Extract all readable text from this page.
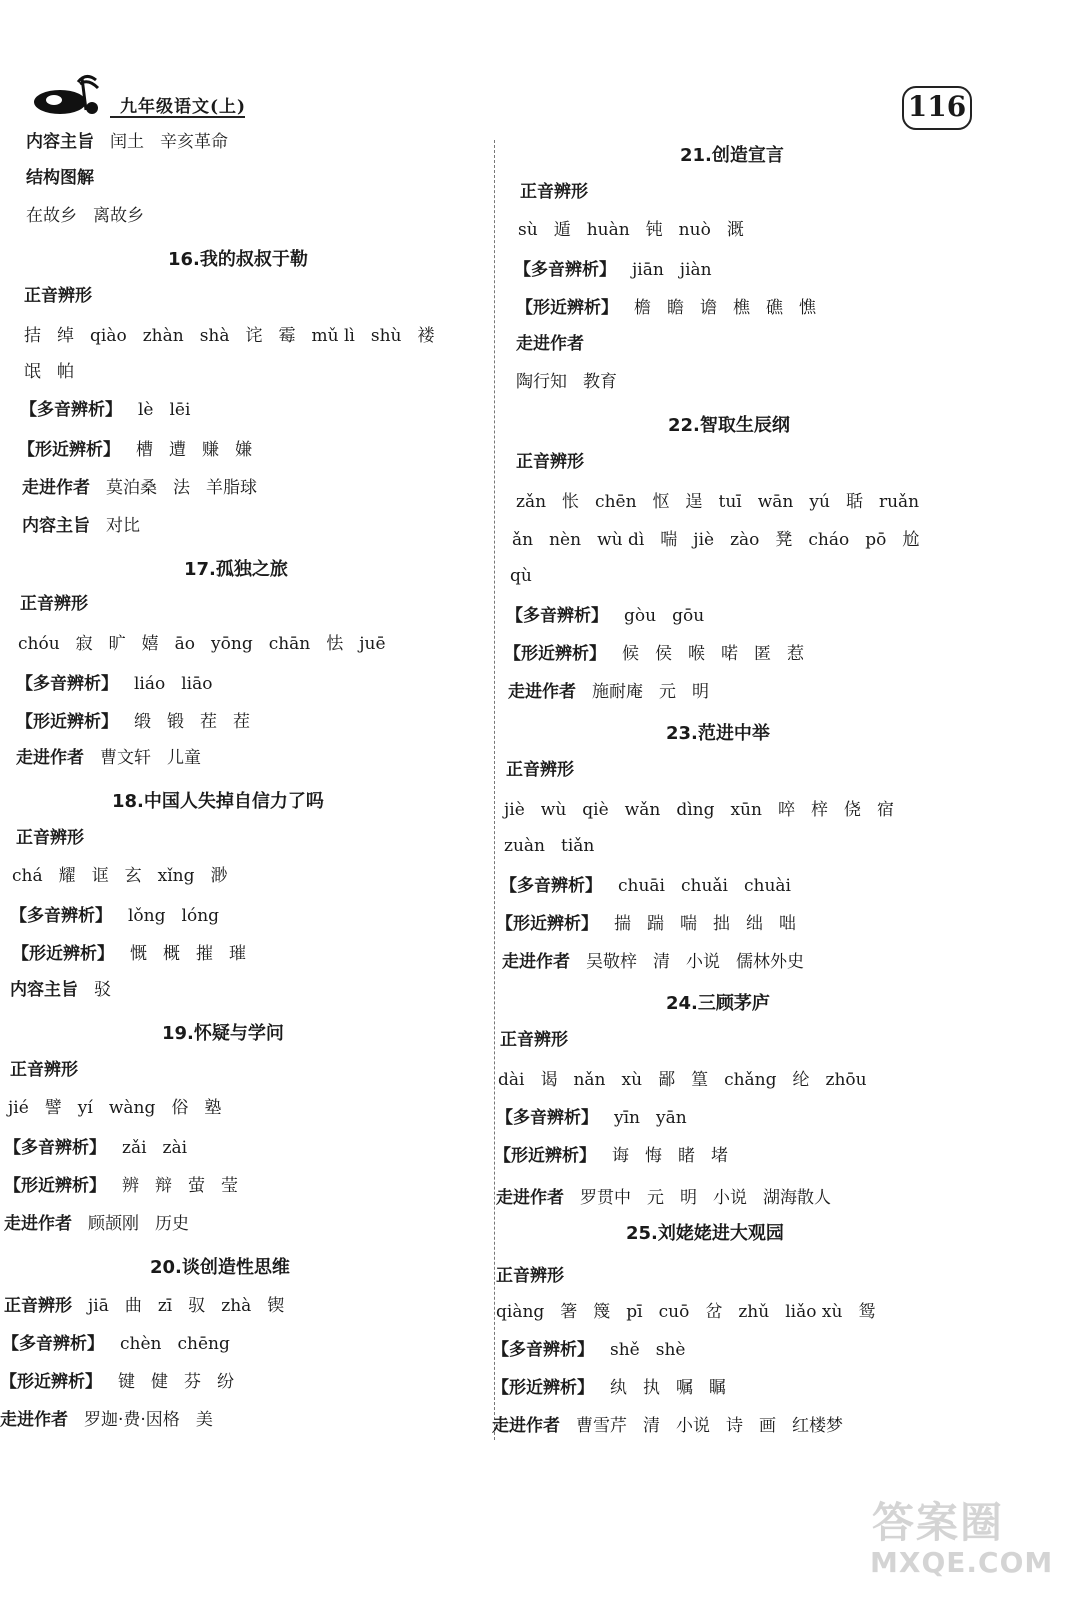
九年级语文(上)	116
内容主旨 闰土 辛亥革命
结构图解
在故乡 离故乡
16.我的叔叔于勒
正音辨形
拮 绰 qiào zhàn shà 诧 霉 mǔ lì shù 褛
氓 帕
【 多音辨析 】 lè lēi
【 形近辨析 】 槽 遭 赚 嫌
走进作者 莫泊桑 法 羊脂球
内容主旨 对比
17.孤独之旅
正音辨形
chóu 寂 旷 嬉 āo yōng chān 怯 juē
【 多音辨析 】 liáo liāo
【 形近辨析 】 缎 锻 茬 茬
走进作者 曹文轩 儿童
18.中国人失掉自信力了吗
正音辨形
chá 耀 诓 玄 xǐng 渺
【 多音辨析 】 lǒng lóng
【 形近辨析 】 慨 概 摧 璀
内容主旨 驳
19.怀疑与学问
正音辨形
jié 譬 yí wàng 俗 塾
【 多音辨析 】 zǎi zài
【 形近辨析 】 辨 辩 萤 莹
走进作者 顾颉刚 历史
20.谈创造性思维
正音辨形 jiā 曲 zī 驭 zhà 锲
【 多音辨析 】 chèn chēng
【 形近辨析 】 键 健 芬 纷
走进作者 罗迦·费·因格 美
21.创造宣言
正音辨形
sù 遁 huàn 钝 nuò 溉
【 多音辨析 】 jiān jiàn
【 形近辨析 】 檐 瞻 谵 樵 礁 憔
走进作者
陶行知 教育
22.智取生辰纲
正音辨形
zǎn 怅 chēn 怄 逞 tuī wān yú 聒 ruǎn
ǎn nèn wù dì 喘 jiè zào 凳 cháo pō 尬
qù
【 多音辨析 】 gòu gōu
【 形近辨析 】 候 侯 喉 喏 匿 惹
走进作者 施耐庵 元 明
23.范进中举
正音辨形
jiè wù qiè wǎn dìng xūn 啐 梓 侥 宿
zuàn tiǎn
【 多音辨析 】 chuāi chuǎi chuài
【 形近辨析 】 揣 踹 喘 拙 绌 咄
走进作者 吴敬梓 清 小说 儒林外史
24.三顾茅庐
正音辨形
dài 谒 nǎn xù 鄙 篁 chǎng 纶 zhōu
【 多音辨析 】 yīn yān
【 形近辨析 】 诲 悔 睹 堵
走进作者 罗贯中 元 明 小说 湖海散人
25.刘姥姥进大观园
正音辨形
qiàng 箸 篾 pī cuō 岔 zhǔ liǎo xù 鸳
【 多音辨析 】 shě shè
【 形近辨析 】 纨 执 嘱 瞩
走进作者 曹雪芹 清 小说 诗 画 红楼梦
答案圈
MXQE.COM
